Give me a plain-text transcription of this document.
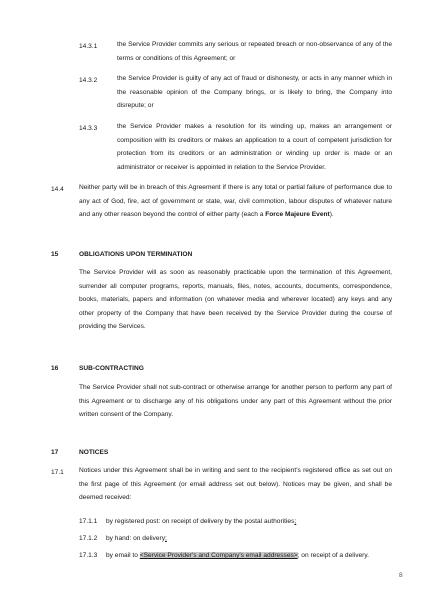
14.3.1	the Service Provider commits any serious or repeated breach or non-observance of any of the terms or conditions of this Agreement; or
14.3.2	the Service Provider is guilty of any act of fraud or dishonesty, or acts in any manner which in the reasonable opinion of the Company brings, or is likely to bring, the Company into disrepute; or
14.3.3	the Service Provider makes a resolution for its winding up, makes an arrangement or composition with its creditors or makes an application to a court of competent jurisdiction for protection from its creditors or an administration or winding up order is made or an administrator or receiver is appointed in relation to the Service Provider.
14.4 Neither party will be in breach of this Agreement if there is any total or partial failure of performance due to any act of God, fire, act of government or state, war, civil commotion, labour disputes of whatever nature and any other reason beyond the control of either party (each a Force Majeure Event).
15	OBLIGATIONS UPON TERMINATION
The Service Provider will as soon as reasonably practicable upon the termination of this Agreement, surrender all computer programs, reports, manuals, files, notes, accounts, documents, correspondence, books, materials, papers and information (on whatever media and wherever located) any keys and any other property of the Company that have been received by the Service Provider during the course of providing the Services.
16	SUB-CONTRACTING
The Service Provider shall not sub-contract or otherwise arrange for another person to perform any part of this Agreement or to discharge any of his obligations under any part of this Agreement without the prior written consent of the Company.
17	NOTICES
17.1 Notices under this Agreement shall be in writing and sent to the recipient's registered office as set out on the first page of this Agreement (or email address set out below). Notices may be given, and shall be deemed received:
17.1.1 by registered post: on receipt of delivery by the postal authorities;
17.1.2 by hand: on delivery;
17.1.3 by email to <Service Provider's and Company's email addresses>; on receipt of a delivery.
8
